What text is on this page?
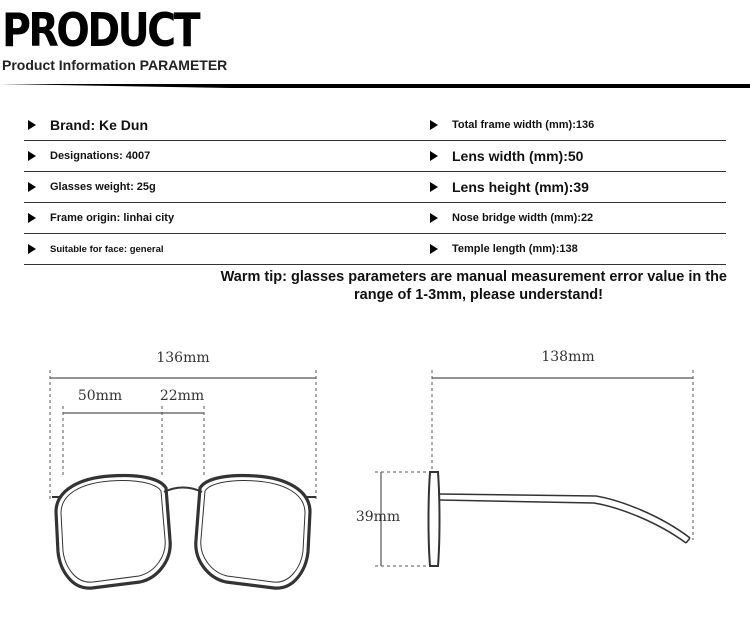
PRODUCT
Product Information PARAMETER
Brand: Ke Dun	Total frame width (mm):136
Designations: 4007	Lens width (mm):50
Glasses weight: 25g	Lens height (mm):39
Frame origin: linhai city	Nose bridge width (mm):22
Suitable for face: general	Temple length (mm):138
Warm tip: glasses parameters are manual measurement error value in the
range of 1-3mm, please understand!
136mm
50mm	22mm
138mm
39mm
